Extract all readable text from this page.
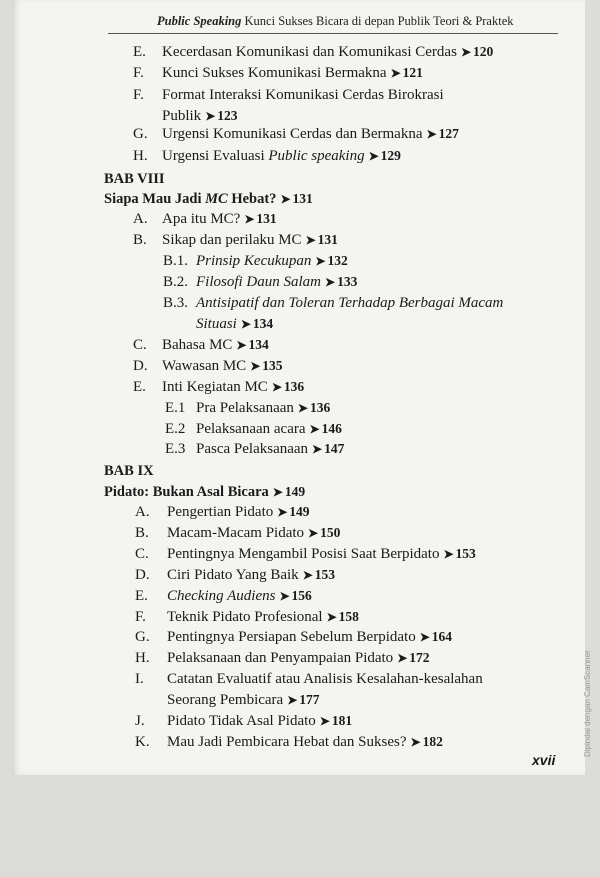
Public Speaking Kunci Sukses Bicara di depan Publik Teori & Praktek
E. Kecerdasan Komunikasi dan Komunikasi Cerdas ➤ 120
F. Kunci Sukses Komunikasi Bermakna ➤ 121
F. Format Interaksi Komunikasi Cerdas Birokrasi
Publik ➤ 123
G. Urgensi Komunikasi Cerdas dan Bermakna ➤ 127
H. Urgensi Evaluasi Public speaking ➤ 129
BAB VIII
Siapa Mau Jadi MC Hebat? ➤ 131
A. Apa itu MC? ➤ 131
B. Sikap dan perilaku MC ➤ 131
B.1. Prinsip Kecukupan ➤ 132
B.2. Filosofi Daun Salam ➤ 133
B.3. Antisipatif dan Toleran Terhadap Berbagai Macam
Situasi ➤ 134
C. Bahasa MC ➤ 134
D. Wawasan MC ➤ 135
E. Inti Kegiatan MC ➤ 136
E.1 Pra Pelaksanaan ➤ 136
E.2 Pelaksanaan acara ➤ 146
E.3 Pasca Pelaksanaan ➤ 147
BAB IX
Pidato: Bukan Asal Bicara ➤ 149
A. Pengertian Pidato ➤ 149
B. Macam-Macam Pidato ➤ 150
C. Pentingnya Mengambil Posisi Saat Berpidato ➤ 153
D. Ciri Pidato Yang Baik ➤ 153
E. Checking Audiens ➤ 156
F. Teknik Pidato Profesional ➤ 158
G. Pentingnya Persiapan Sebelum Berpidato ➤ 164
H. Pelaksanaan dan Penyampaian Pidato ➤ 172
I. Catatan Evaluatif atau Analisis Kesalahan-kesalahan
Seorang Pembicara ➤ 177
J. Pidato Tidak Asal Pidato ➤ 181
K. Mau Jadi Pembicara Hebat dan Sukses? ➤ 182
xvii
Dipindai dengan CamScanner
